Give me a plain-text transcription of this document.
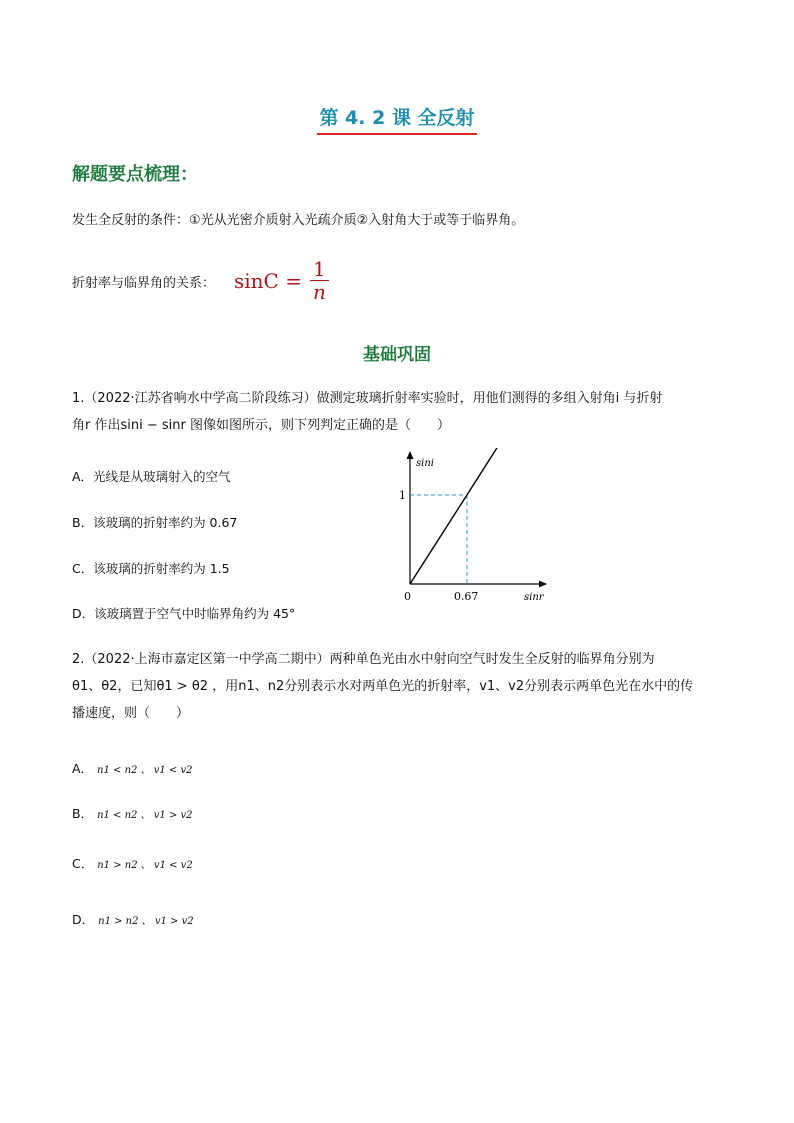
第 4. 2 课 全反射
解题要点梳理：
发生全反射的条件：①光从光密介质射入光疏介质②入射角大于或等于临界角。
折射率与临界角的关系： $\sin C = \frac{1}{n}$
基础巩固
1.（2022·江苏省响水中学高二阶段练习）做测定玻璃折射率实验时，用他们测得的多组入射角i 与折射
角r 作出sini − sinr 图像如图所示，则下列判定正确的是（　　）
A．光线是从玻璃射入的空气
B．该玻璃的折射率约为 0.67
C．该玻璃的折射率约为 1.5
D．该玻璃置于空气中时临界角约为 45°
sini
1
0	0.67	sinr
2.（2022·上海市嘉定区第一中学高二期中）两种单色光由水中射向空气时发生全反射的临界角分别为
θ1、θ2，已知θ1 > θ2 ，用n1、n2分别表示水对两单色光的折射率，v1、v2分别表示两单色光在水中的传
播速度，则（　　）
A． n1 < n2 、 v1 < v2
B． n1 < n2 、 v1 > v2
C． n1 > n2 、 v1 < v2
D． n1 > n2 、 v1 > v2
